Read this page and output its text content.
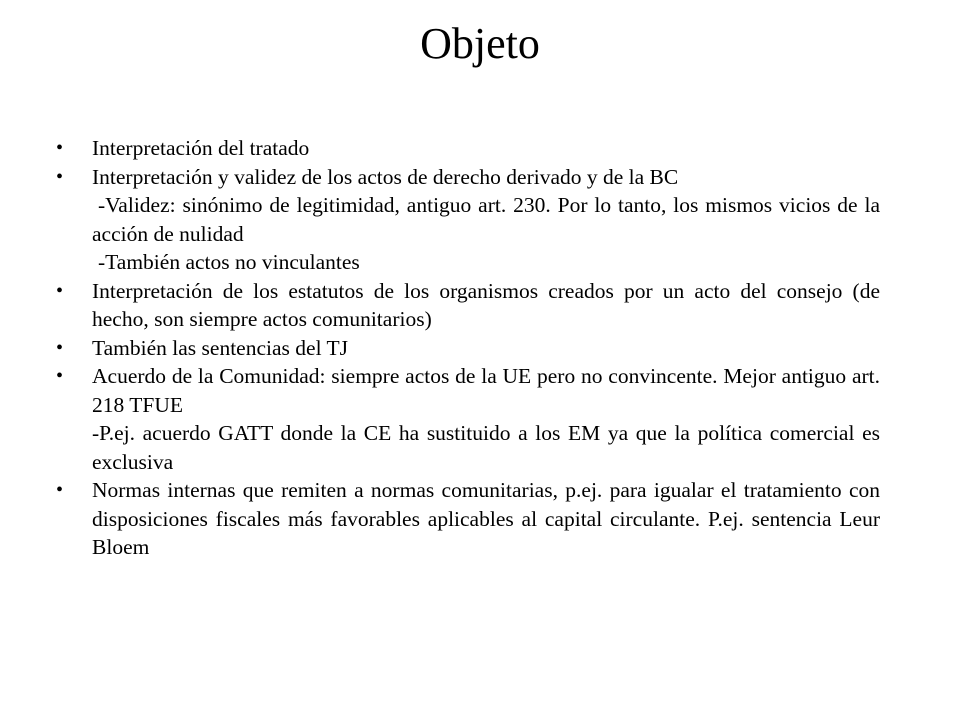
Objeto

• Interpretación del tratado

• Interpretación y validez de los actos de derecho derivado y de la BC

-Validez: sinónimo de legitimidad, antiguo art. 230. Por lo tanto, los mismos vicios de la acción de nulidad

-También actos no vinculantes

• Interpretación de los estatutos de los organismos creados por un acto del consejo (de hecho, son siempre actos comunitarios)

• También las sentencias del TJ

• Acuerdo de la Comunidad: siempre actos de la UE pero no convincente. Mejor antiguo art. 218 TFUE

-P.ej. acuerdo GATT donde la CE ha sustituido a los EM ya que la política comercial es exclusiva

• Normas internas que remiten a normas comunitarias, p.ej. para igualar el tratamiento con disposiciones fiscales más favorables aplicables al capital circulante. P.ej. sentencia Leur Bloem
